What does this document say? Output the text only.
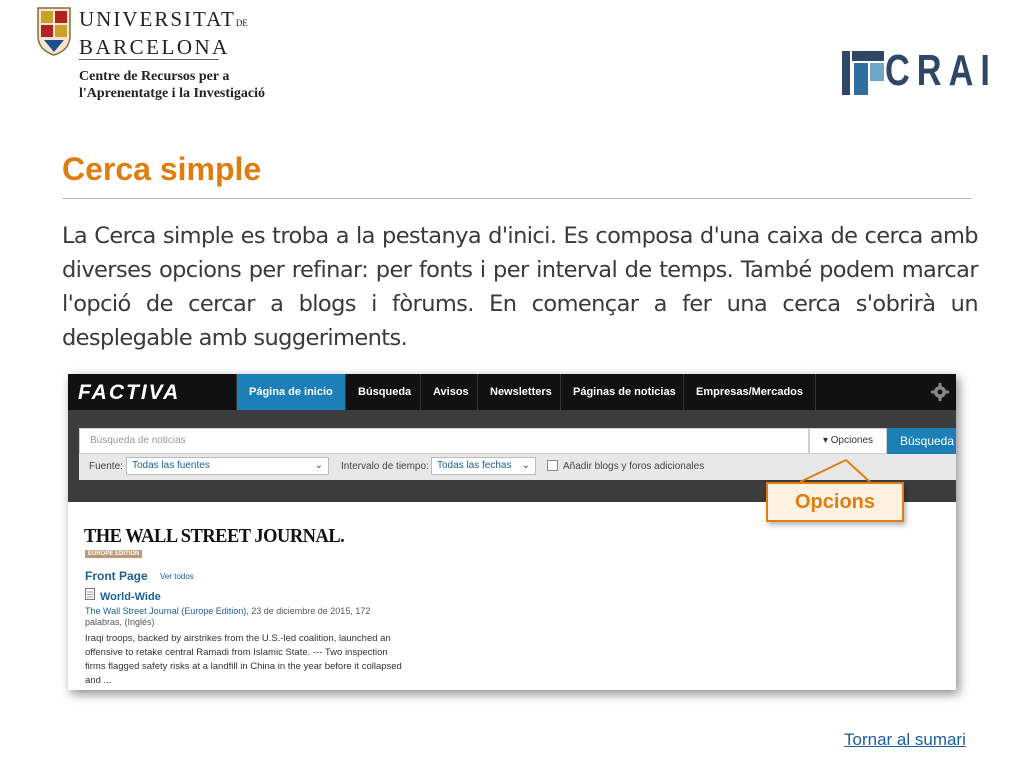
UNIVERSITATDE
BARCELONA
Centre de Recursos per a
l'Aprenentatge i la Investigació	CRAI
Cerca simple
La Cerca simple es troba a la pestanya d'inici. Es composa d'una caixa de cerca amb diverses opcions per refinar: per fonts i per interval de temps. També podem marcar l'opció de cercar a blogs i fòrums. En començar a fer una cerca s'obrirà un desplegable amb suggeriments.
FACTIVA	Página de inicio	Búsqueda	Avisos	Newsletters	Páginas de noticias	Empresas/Mercados
Búsqueda de noticias	▾ Opciones	Búsqueda
Fuente: Todas las fuentes	⌄ Intervalo de tiempo: Todas las fechas ⌄	Añadir blogs y foros adicionales
THE WALL STREET JOURNAL.
EUROPE EDITION
Front Page Ver todos
World-Wide
The Wall Street Journal (Europe Edition), 23 de diciembre de 2015, 172 palabras, (Inglés)
Iraqi troops, backed by airstrikes from the U.S.-led coalition, launched an offensive to retake central Ramadi from Islamic State. --- Two inspection firms flagged safety risks at a landfill in China in the year before it collapsed and ...
Opcions
Tornar al sumari
